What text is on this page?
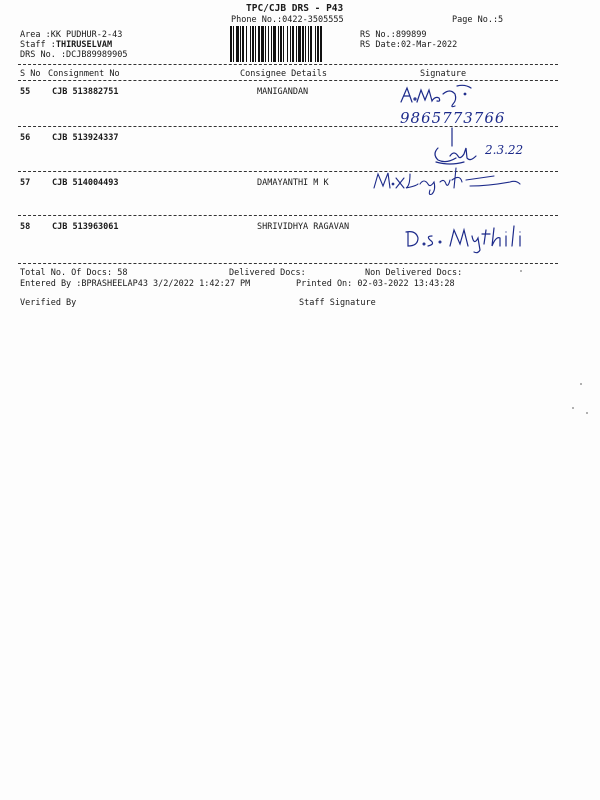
TPC/CJB DRS - P43
Phone No.:0422-3505555	Page No.:5
Area :KK PUDHUR-2-43
Staff :THIRUSELVAM
DRS No. :DCJB89989905
RS No.:899899
RS Date:02-Mar-2022
S No Consignment No	Consignee Details	Signature
55	CJB 513882751	MANIGANDAN
9865773766
56	CJB 513924337
2.3.22
57	CJB 514004493	DAMAYANTHI M K
58	CJB 513963061	SHRIVIDHYA RAGAVAN
Total No. Of Docs: 58	Delivered Docs:	Non Delivered Docs:
Entered By :BPRASHEELAP43 3/2/2022 1:42:27 PM	Printed On: 02-03-2022 13:43:28
Verified By	Staff Signature
